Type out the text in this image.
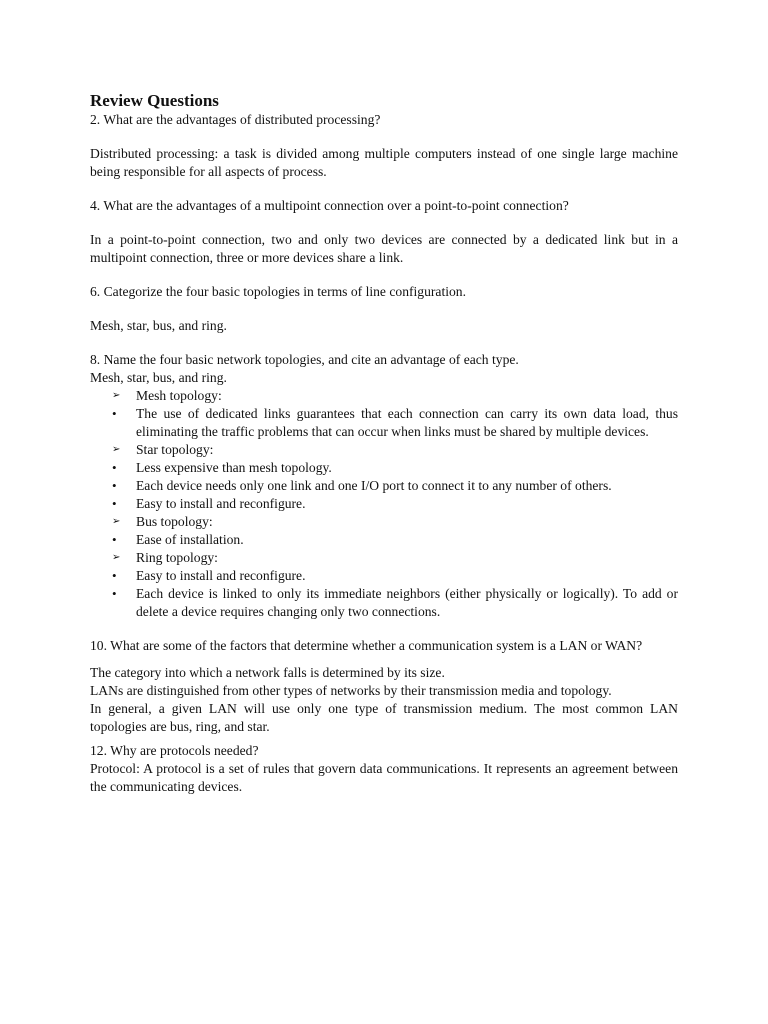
Review Questions

2. What are the advantages of distributed processing?

Distributed processing: a task is divided among multiple computers instead of one single large machine being responsible for all aspects of process.

4. What are the advantages of a multipoint connection over a point-to-point connection?

In a point-to-point connection, two and only two devices are connected by a dedicated link but in a multipoint connection, three or more devices share a link.

6. Categorize the four basic topologies in terms of line configuration.

Mesh, star, bus, and ring.

8. Name the four basic network topologies, and cite an advantage of each type.

Mesh, star, bus, and ring.

➢ Mesh topology:
• The use of dedicated links guarantees that each connection can carry its own data load, thus eliminating the traffic problems that can occur when links must be shared by multiple devices.
➢ Star topology:
• Less expensive than mesh topology.
• Each device needs only one link and one I/O port to connect it to any number of others.
• Easy to install and reconfigure.
➢ Bus topology:
• Ease of installation.
➢ Ring topology:
• Easy to install and reconfigure.
• Each device is linked to only its immediate neighbors (either physically or logically). To add or delete a device requires changing only two connections.

10. What are some of the factors that determine whether a communication system is a LAN or WAN?

The category into which a network falls is determined by its size.

LANs are distinguished from other types of networks by their transmission media and topology.

In general, a given LAN will use only one type of transmission medium. The most common LAN topologies are bus, ring, and star.

12. Why are protocols needed?

Protocol: A protocol is a set of rules that govern data communications. It represents an agreement between the communicating devices.
